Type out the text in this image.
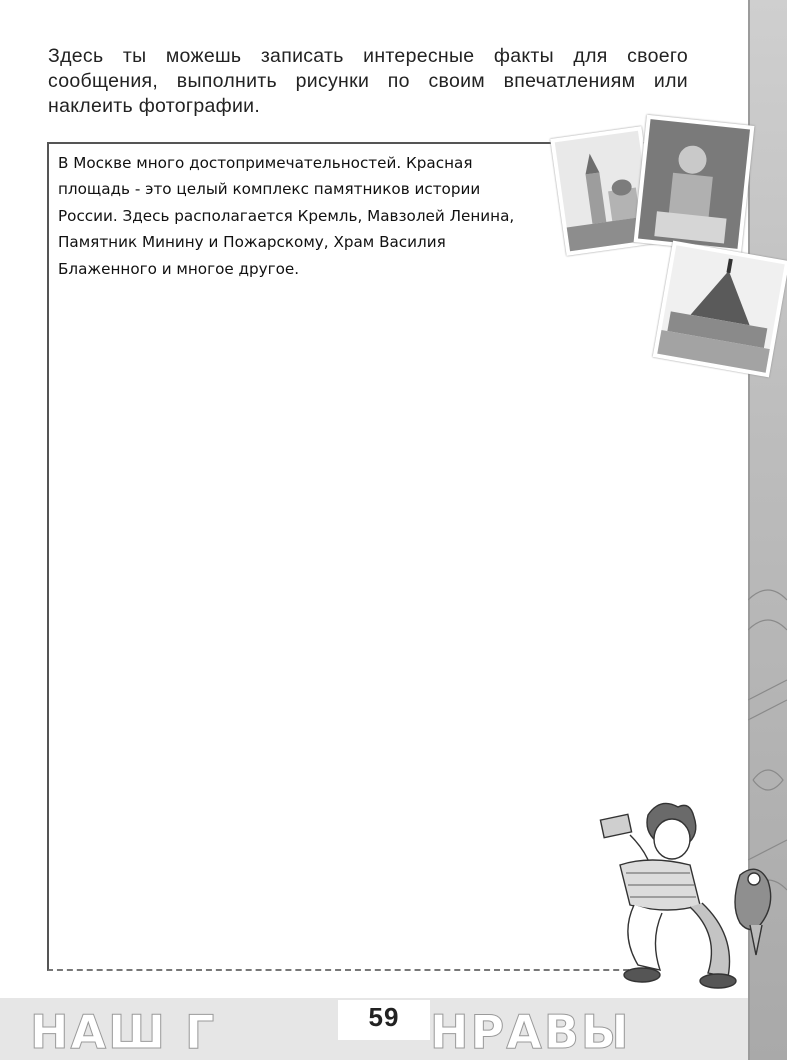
Здесь ты можешь записать интересные факты для своего сообщения, выполнить рисунки по своим впечатлениям или наклеить фотографии.

В Москве много достопримечательностей. Красная
площадь - это целый комплекс памятников истории
России. Здесь располагается Кремль, Мавзолей Ленина,
Памятник Минину и Пожарскому, Храм Василия
Блаженного и многое другое.
НАШ Г	НРАВЫ
59
